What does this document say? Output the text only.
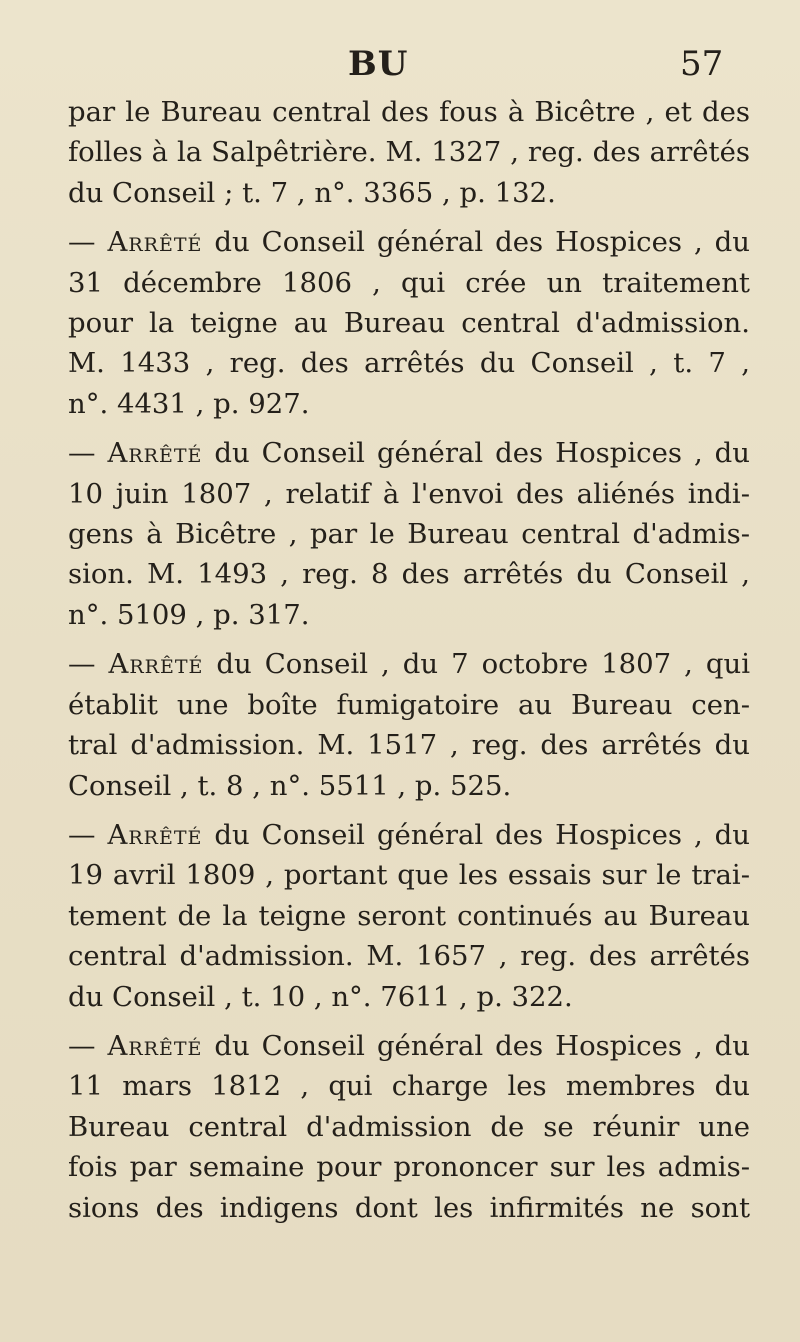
BU	57
par le Bureau central des fous à Bicêtre , et des
folles à la Salpêtrière. M. 1327 , reg. des arrêtés
du Conseil ; t. 7 , n°. 3365 , p. 132.
— Arrêté du Conseil général des Hospices , du
31 décembre 1806 , qui crée un traitement
pour la teigne au Bureau central d'admission.
M. 1433 , reg. des arrêtés du Conseil , t. 7 ,
n°. 4431 , p. 927.
— Arrêté du Conseil général des Hospices , du
10 juin 1807 , relatif à l'envoi des aliénés indi-
gens à Bicêtre , par le Bureau central d'admis-
sion. M. 1493 , reg. 8 des arrêtés du Conseil ,
n°. 5109 , p. 317.
— Arrêté du Conseil , du 7 octobre 1807 , qui
établit une boîte fumigatoire au Bureau cen-
tral d'admission. M. 1517 , reg. des arrêtés du
Conseil , t. 8 , n°. 5511 , p. 525.
— Arrêté du Conseil général des Hospices , du
19 avril 1809 , portant que les essais sur le trai-
tement de la teigne seront continués au Bureau
central d'admission. M. 1657 , reg. des arrêtés
du Conseil , t. 10 , n°. 7611 , p. 322.
— Arrêté du Conseil général des Hospices , du
11 mars 1812 , qui charge les membres du
Bureau central d'admission de se réunir une
fois par semaine pour prononcer sur les admis-
sions des indigens dont les infirmités ne sont
